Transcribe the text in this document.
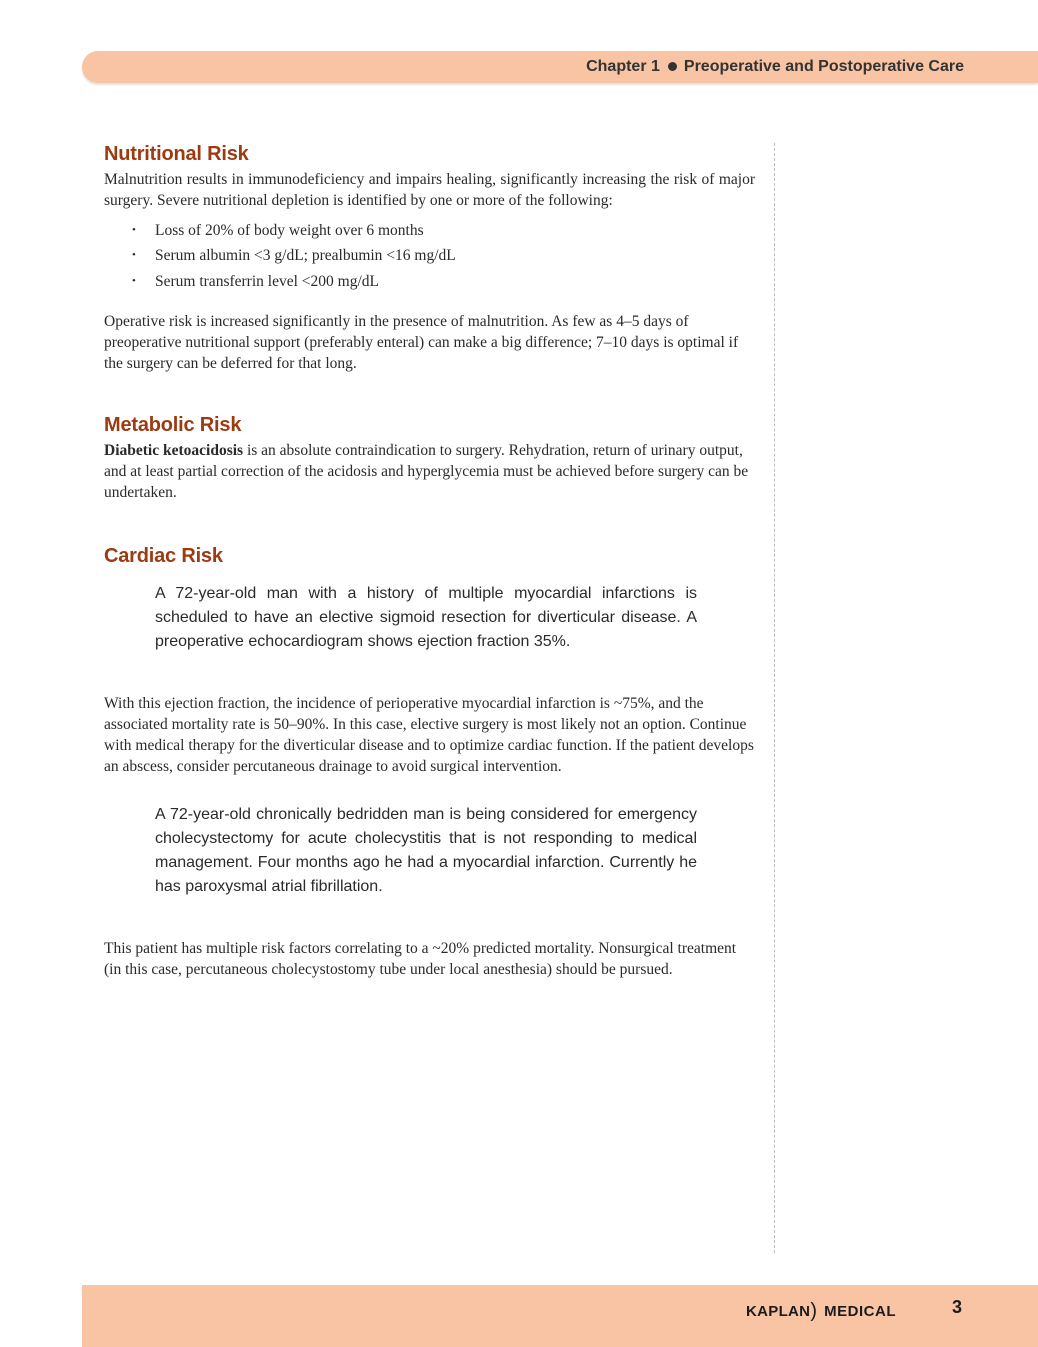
Chapter 1 Preoperative and Postoperative Care
Nutritional Risk

Malnutrition results in immunodeficiency and impairs healing, significantly increasing the risk of major surgery. Severe nutritional depletion is identified by one or more of the following:

• Loss of 20% of body weight over 6 months
• Serum albumin <3 g/dL; prealbumin <16 mg/dL
• Serum transferrin level <200 mg/dL

Operative risk is increased significantly in the presence of malnutrition. As few as 4–5 days of preoperative nutritional support (preferably enteral) can make a big difference; 7–10 days is optimal if the surgery can be deferred for that long.

Metabolic Risk

Diabetic ketoacidosis is an absolute contraindication to surgery. Rehydration, return of urinary output, and at least partial correction of the acidosis and hyperglycemia must be achieved before surgery can be undertaken.

Cardiac Risk
A 72-year-old man with a history of multiple myocardial infarctions is scheduled to have an elective sigmoid resection for diverticular disease. A preoperative echocardiogram shows ejection fraction 35%.

With this ejection fraction, the incidence of perioperative myocardial infarction is ~75%, and the associated mortality rate is 50–90%. In this case, elective surgery is most likely not an option. Continue with medical therapy for the diverticular disease and to optimize cardiac function. If the patient develops an abscess, consider percutaneous drainage to avoid surgical intervention.

A 72-year-old chronically bedridden man is being considered for emergency cholecystectomy for acute cholecystitis that is not responding to medical management. Four months ago he had a myocardial infarction. Currently he has paroxysmal atrial fibrillation.

This patient has multiple risk factors correlating to a ~20% predicted mortality. Nonsurgical treatment (in this case, percutaneous cholecystostomy tube under local anesthesia) should be pursued.

KAPLAN) MEDICAL	3
